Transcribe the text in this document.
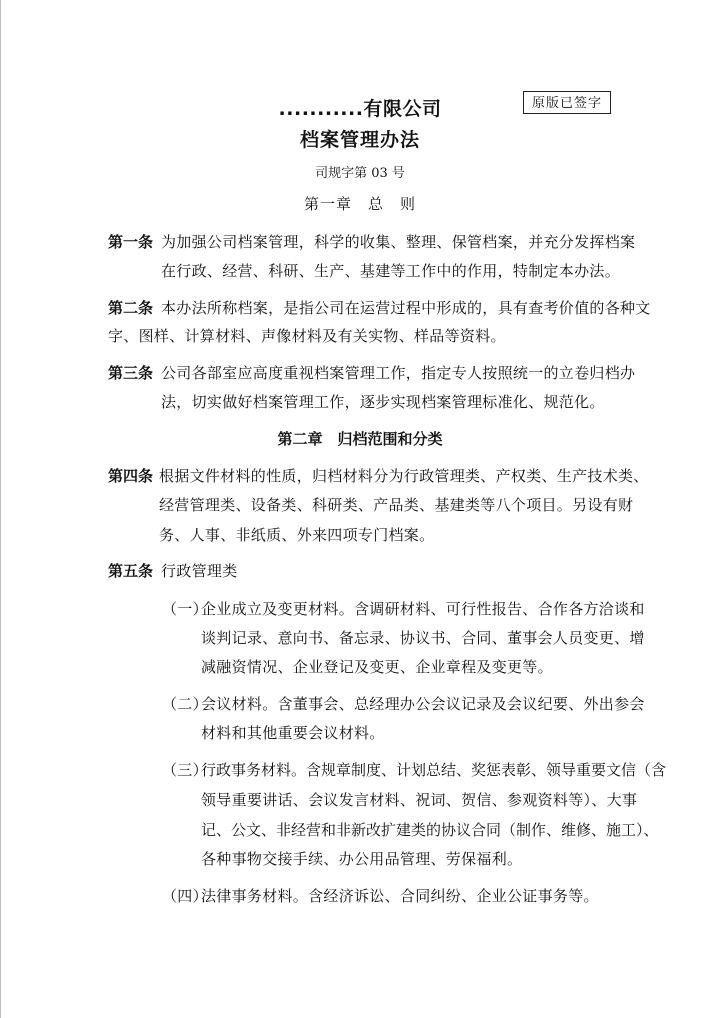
...........有限公司	原版已签字
档案管理办法
司规字第 03 号
第一章　总　则
第一条 为加强公司档案管理，科学的收集、整理、保管档案，并充分发挥档案
在行政、经营、科研、生产、基建等工作中的作用，特制定本办法。
第二条 本办法所称档案，是指公司在运营过程中形成的，具有查考价值的各种文
字、图样、计算材料、声像材料及有关实物、样品等资料。
第三条 公司各部室应高度重视档案管理工作，指定专人按照统一的立卷归档办
法，切实做好档案管理工作，逐步实现档案管理标准化、规范化。
第二章　归档范围和分类
第四条 根据文件材料的性质，归档材料分为行政管理类、产权类、生产技术类、
经营管理类、设备类、科研类、产品类、基建类等八个项目。另设有财
务、人事、非纸质、外来四项专门档案。
第五条 行政管理类
（一）
企业成立及变更材料。含调研材料、可行性报告、合作各方洽谈和
谈判记录、意向书、备忘录、协议书、合同、董事会人员变更、增
减融资情况、企业登记及变更、企业章程及变更等。
（二）
会议材料。含董事会、总经理办公会议记录及会议纪要、外出参会
材料和其他重要会议材料。
（三）
行政事务材料。含规章制度、计划总结、奖惩表彰、领导重要文信（含
领导重要讲话、会议发言材料、祝词、贺信、参观资料等）、大事
记、公文、非经营和非新改扩建类的协议合同（制作、维修、施工）、
各种事物交接手续、办公用品管理、劳保福利。
（四）
法律事务材料。含经济诉讼、合同纠纷、企业公证事务等。
